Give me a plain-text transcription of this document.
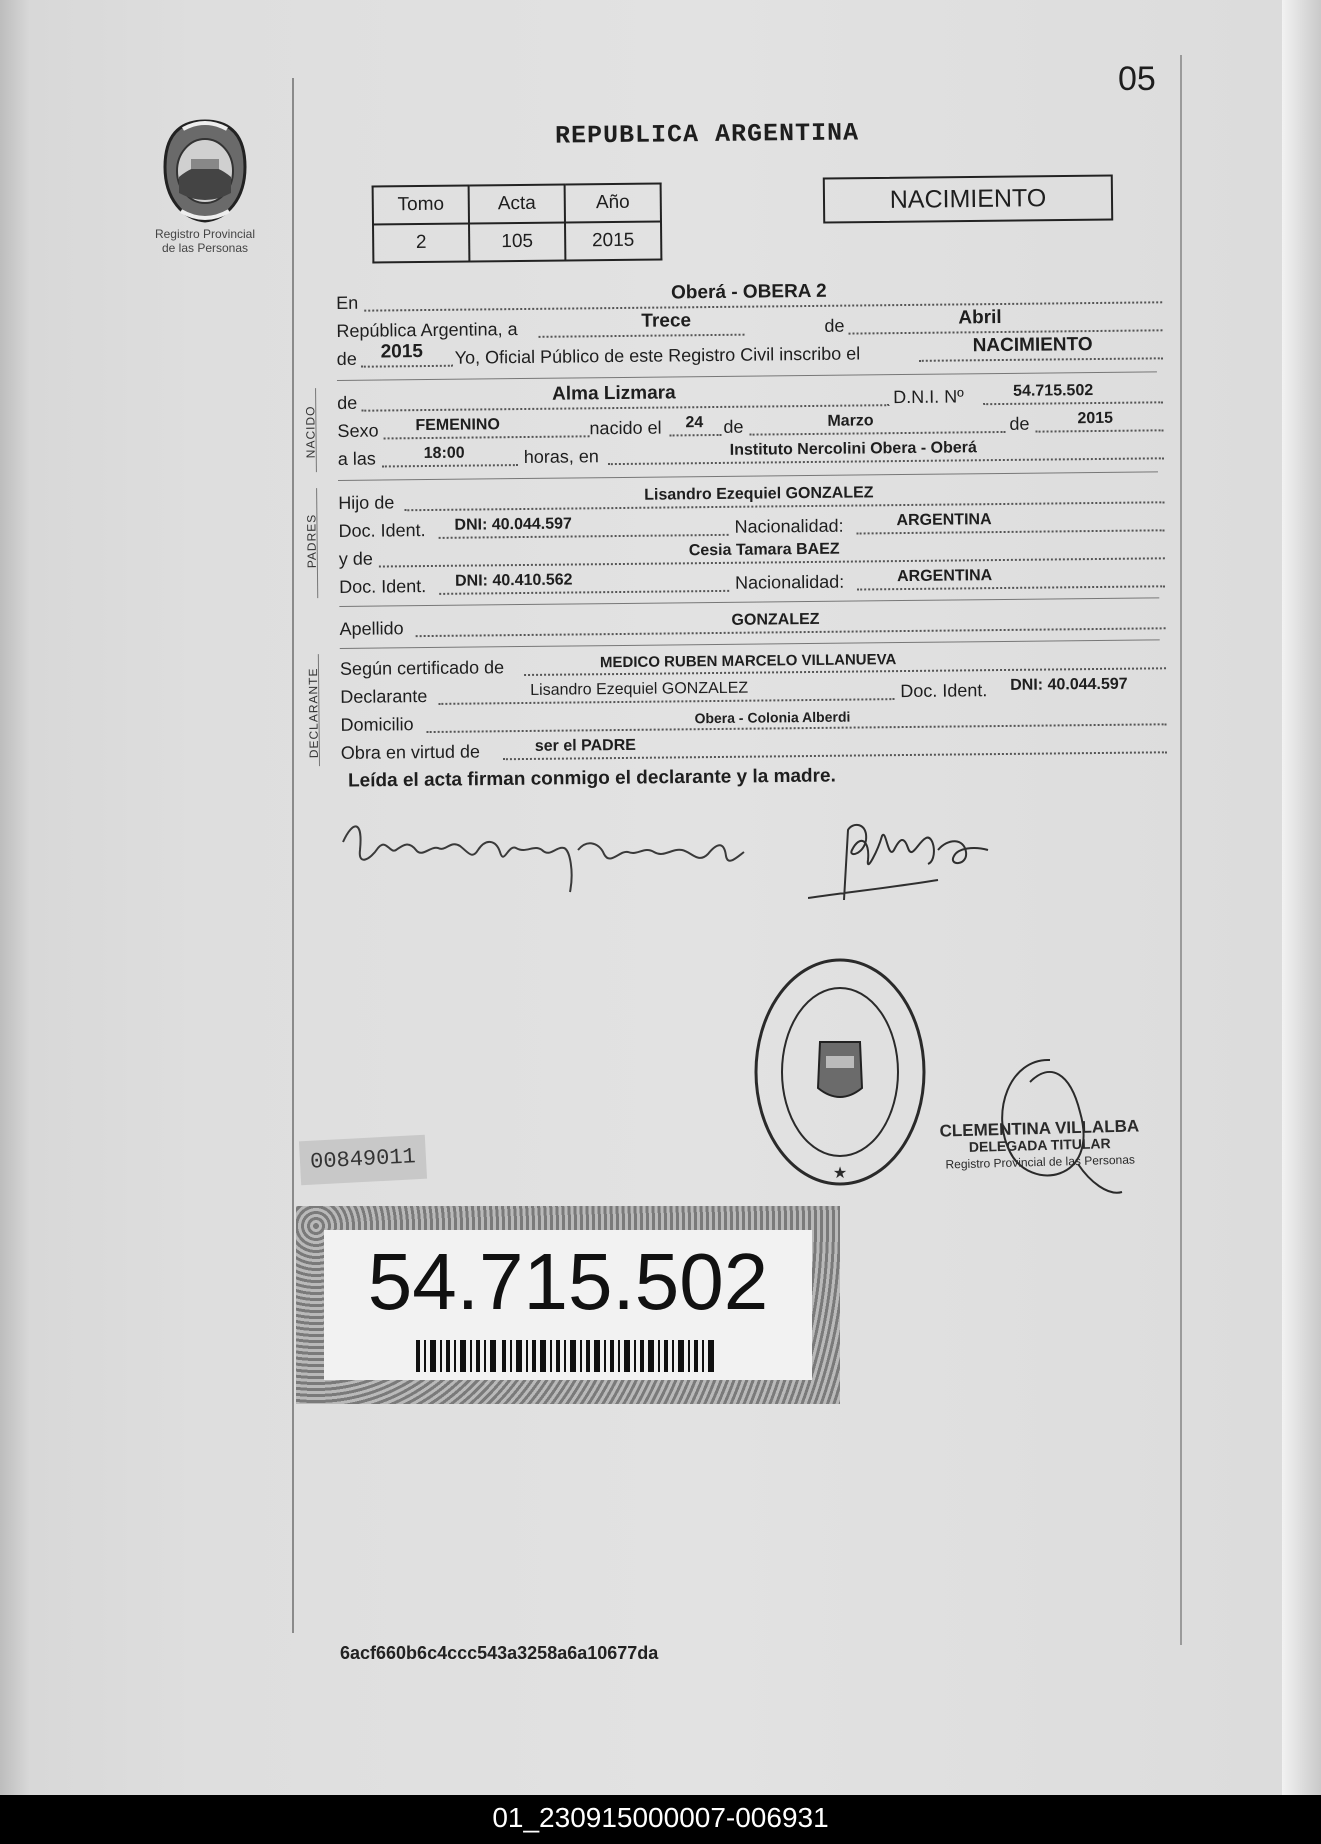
05
Registro Provincial
de las Personas
REPUBLICA ARGENTINA
Tomo	Acta	Año
2	105	2015
NACIMIENTO
En	Oberá - OBERA 2
República Argentina, a	Trece	de	Abril
de 2015 Yo, Oficial Público de este Registro Civil inscribo el	NACIMIENTO
NACIDO
de	Alma Lizmara	D.N.I. Nº	54.715.502
Sexo FEMENINO	nacido el 24 de	Marzo	de	2015
a las	18:00	horas, en	Instituto Nercolini Obera - Oberá
PADRES
Hijo de	Lisandro Ezequiel GONZALEZ
Doc. Ident. DNI: 40.044.597	Nacionalidad:	ARGENTINA
y de	Cesia Tamara BAEZ
Doc. Ident. DNI: 40.410.562	Nacionalidad:	ARGENTINA
Apellido	GONZALEZ
DECLARANTE Según certificado de	MEDICO RUBEN MARCELO VILLANUEVA
Declarante	Lisandro Ezequiel GONZALEZ	Doc. Ident. DNI: 40.044.597
Domicilio	Obera - Colonia Alberdi
Obra en virtud de	ser el PADRE
Leída el acta firman conmigo el declarante y la madre.
★
CLEMENTINA VILLALBA
DELEGADA TITULAR
Registro Provincial de las Personas
00849011
54.715.502
6acf660b6c4ccc543a3258a6a10677da
01_230915000007-006931
